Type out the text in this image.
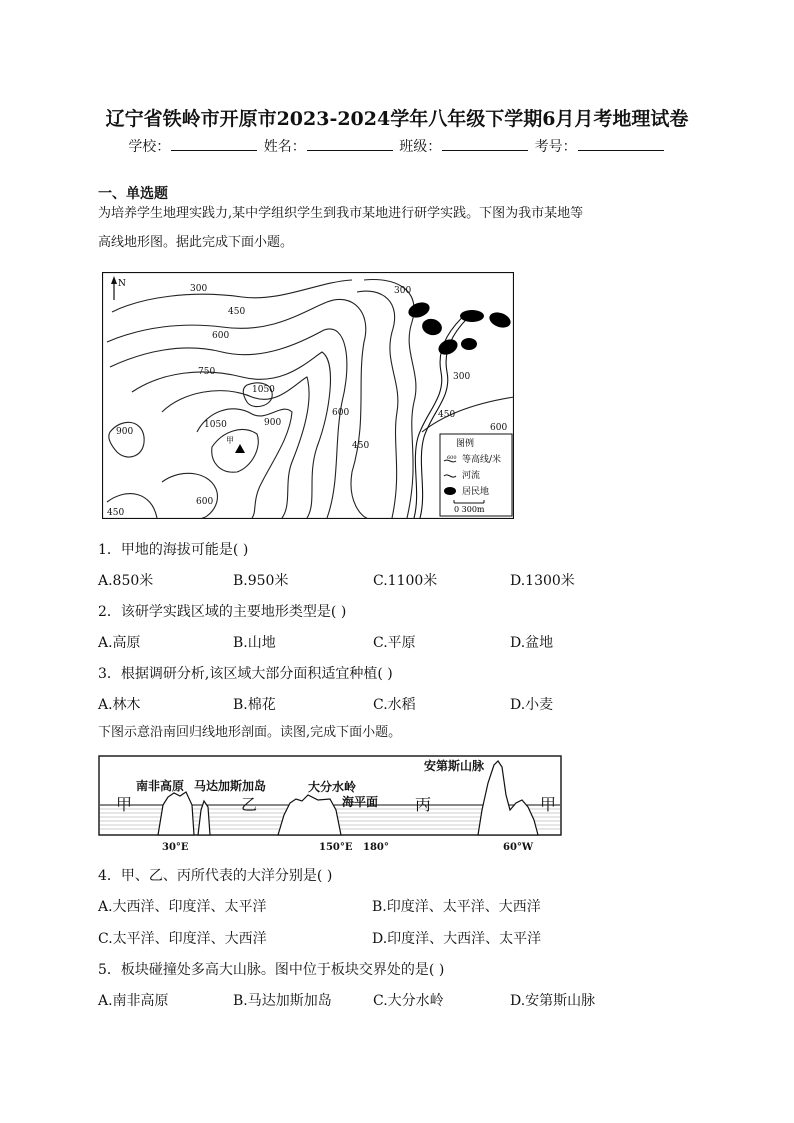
辽宁省铁岭市开原市2023-2024学年八年级下学期6月月考地理试卷
学校：	姓名：	班级：	考号：
一、单选题
为培养学生地理实践力,某中学组织学生到我市某地进行研学实践。下图为我市某地等
高线地形图。据此完成下面小题。
N	300
450
600
750
1050
1050	900
900
600
450
600
300
300
450
600
450
甲	图例
600 等高线/米
河流
居民地
0 300m
1．甲地的海拔可能是( )
A.850米	B.950米	C.1100米	D.1300米
2．该研学实践区域的主要地形类型是( )
A.高原	B.山地	C.平原	D.盆地
3．根据调研分析,该区域大部分面积适宜种植( )
A.林木	B.棉花	C.水稻	D.小麦
下图示意沿南回归线地形剖面。读图,完成下面小题。
南非高原 马达加斯加岛	大分水岭
海平面
安第斯山脉
甲	乙	丙	甲
30°E	150°E 180°	60°W
4．甲、乙、丙所代表的大洋分别是( )
A.大西洋、印度洋、太平洋	B.印度洋、太平洋、大西洋
C.太平洋、印度洋、大西洋	D.印度洋、大西洋、太平洋
5．板块碰撞处多高大山脉。图中位于板块交界处的是( )
A.南非高原	B.马达加斯加岛	C.大分水岭	D.安第斯山脉
